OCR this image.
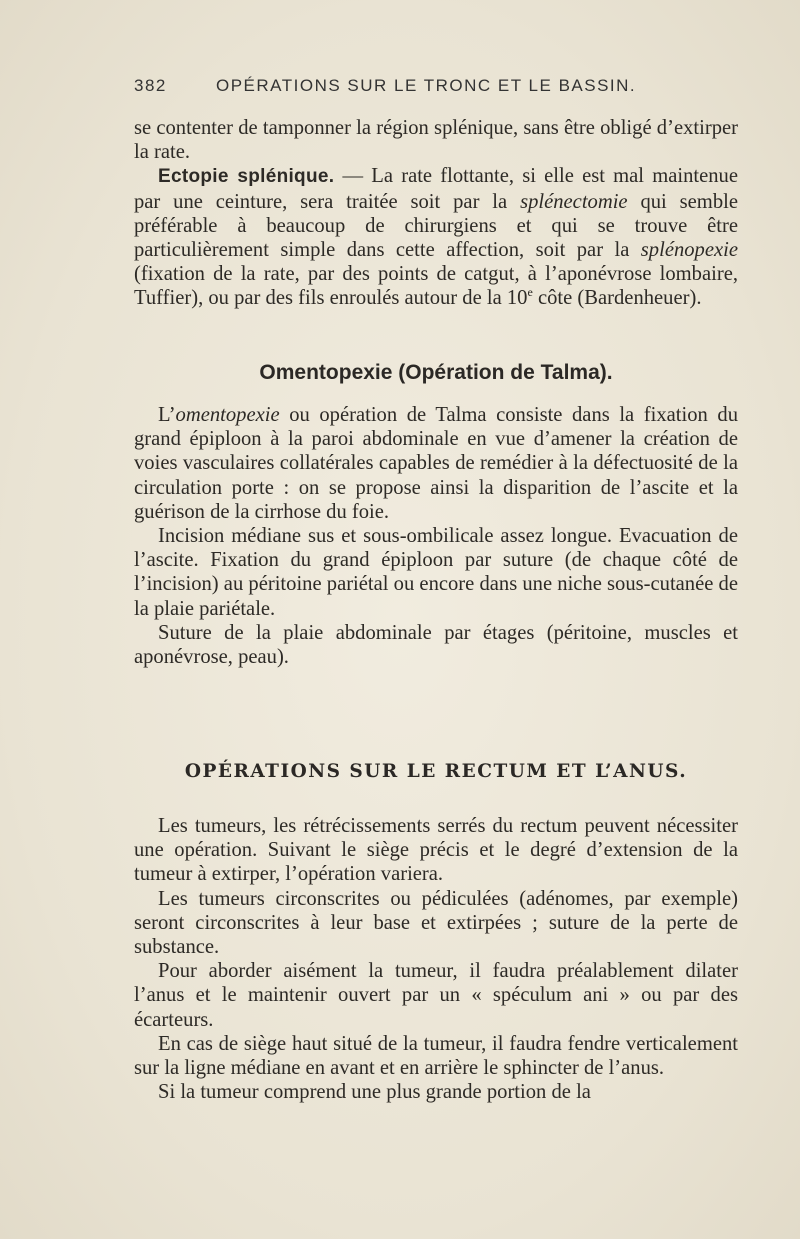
382	OPÉRATIONS SUR LE TRONC ET LE BASSIN.

se contenter de tamponner la région splénique, sans être obligé d’extirper la rate.

Ectopie splénique. — La rate flottante, si elle est mal maintenue par une ceinture, sera traitée soit par la splénectomie qui semble préférable à beaucoup de chirurgiens et qui se trouve être particulièrement simple dans cette affection, soit par la splénopexie (fixation de la rate, par des points de catgut, à l’aponévrose lombaire, Tuffier), ou par des fils enroulés autour de la 10e côte (Bardenheuer).

Omentopexie (Opération de Talma).

L’omentopexie ou opération de Talma consiste dans la fixation du grand épiploon à la paroi abdominale en vue d’amener la création de voies vasculaires collatérales capables de remédier à la défectuosité de la circulation porte : on se propose ainsi la disparition de l’ascite et la guérison de la cirrhose du foie.

Incision médiane sus et sous-ombilicale assez longue. Evacuation de l’ascite. Fixation du grand épiploon par suture (de chaque côté de l’incision) au péritoine pariétal ou encore dans une niche sous-cutanée de la plaie pariétale.

Suture de la plaie abdominale par étages (péritoine, muscles et aponévrose, peau).

OPÉRATIONS SUR LE RECTUM ET L’ANUS.

Les tumeurs, les rétrécissements serrés du rectum peuvent nécessiter une opération. Suivant le siège précis et le degré d’extension de la tumeur à extirper, l’opération variera.

Les tumeurs circonscrites ou pédiculées (adénomes, par exemple) seront circonscrites à leur base et extirpées ; suture de la perte de substance.

Pour aborder aisément la tumeur, il faudra préalablement dilater l’anus et le maintenir ouvert par un « spéculum ani » ou par des écarteurs.

En cas de siège haut situé de la tumeur, il faudra fendre verticalement sur la ligne médiane en avant et en arrière le sphincter de l’anus.

Si la tumeur comprend une plus grande portion de la
